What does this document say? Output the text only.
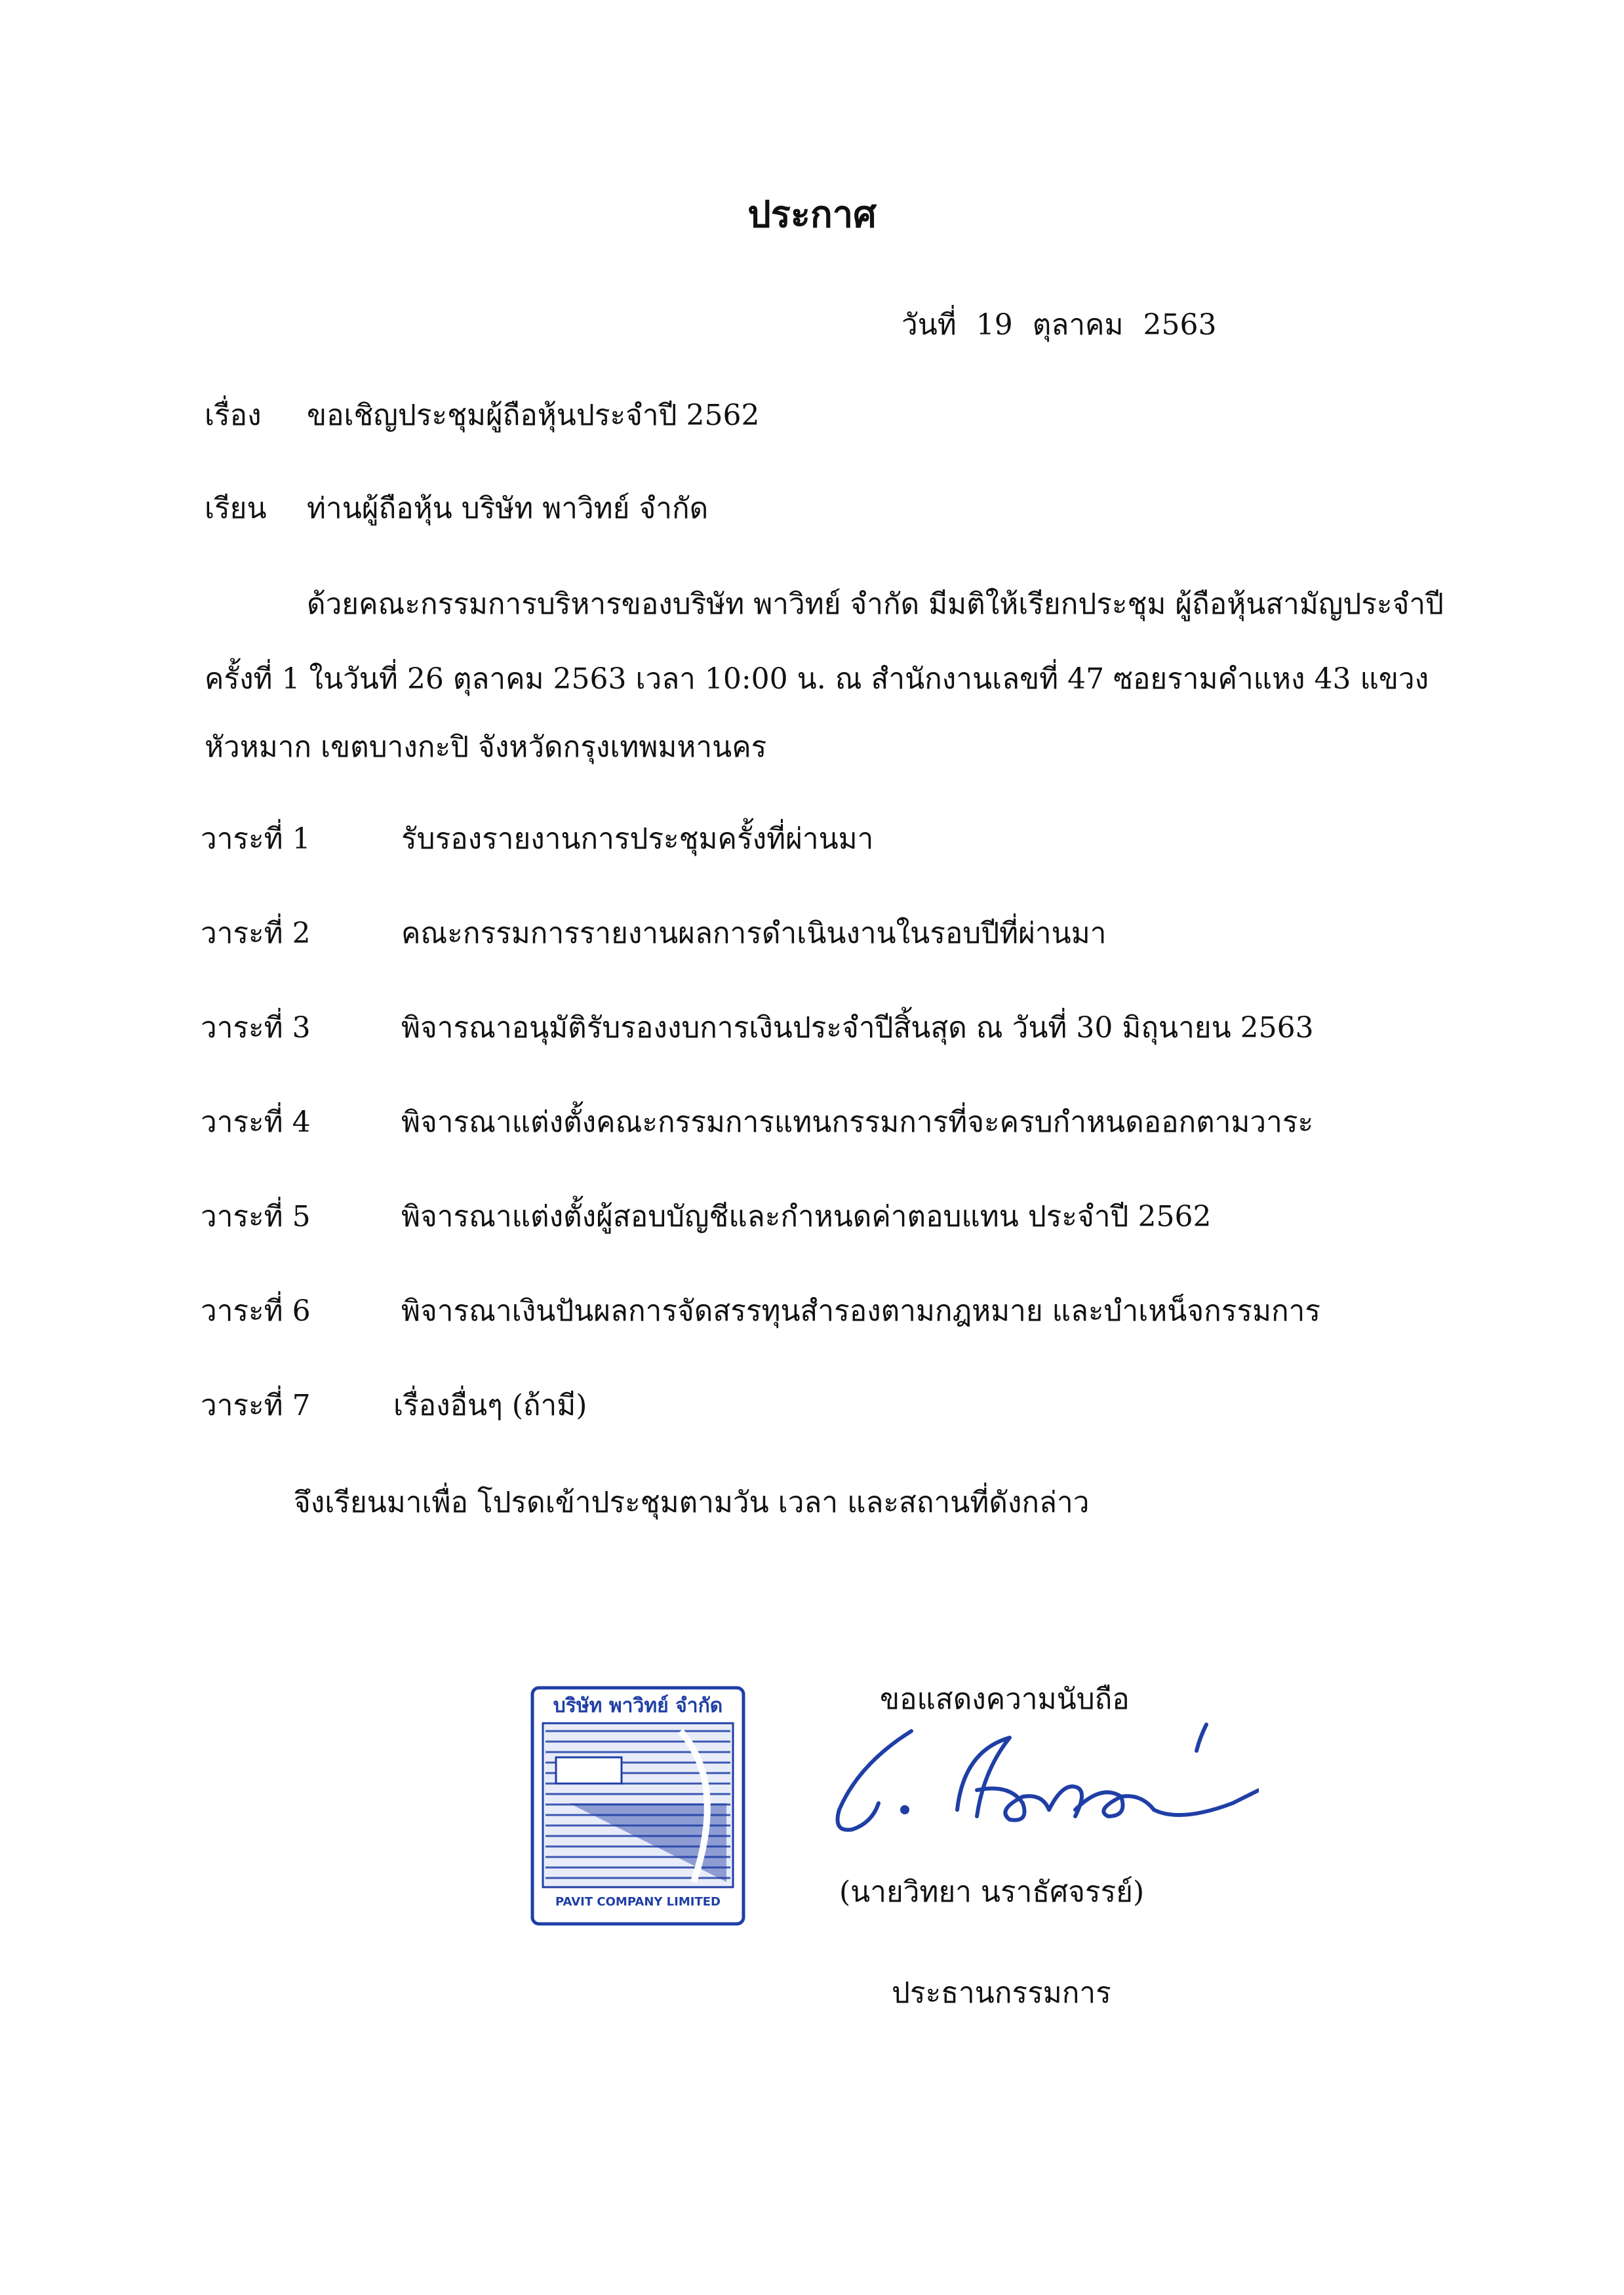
ประกาศ
วันที่ 19 ตุลาคม 2563
เรื่อง ขอเชิญประชุมผู้ถือหุ้นประจำปี 2562
เรียน ท่านผู้ถือหุ้น บริษัท พาวิทย์ จำกัด
ด้วยคณะกรรมการบริหารของบริษัท พาวิทย์ จำกัด มีมติให้เรียกประชุม ผู้ถือหุ้นสามัญประจำปี
ครั้งที่ 1 ในวันที่ 26 ตุลาคม 2563 เวลา 10:00 น. ณ สำนักงานเลขที่ 47 ซอยรามคำแหง 43 แขวง
หัวหมาก เขตบางกะปิ จังหวัดกรุงเทพมหานคร
วาระที่ 1	รับรองรายงานการประชุมครั้งที่ผ่านมา
วาระที่ 2	คณะกรรมการรายงานผลการดำเนินงานในรอบปีที่ผ่านมา
วาระที่ 3	พิจารณาอนุมัติรับรองงบการเงินประจำปีสิ้นสุด ณ วันที่ 30 มิถุนายน 2563
วาระที่ 4	พิจารณาแต่งตั้งคณะกรรมการแทนกรรมการที่จะครบกำหนดออกตามวาระ
วาระที่ 5	พิจารณาแต่งตั้งผู้สอบบัญชีและกำหนดค่าตอบแทน ประจำปี 2562
วาระที่ 6	พิจารณาเงินปันผลการจัดสรรทุนสำรองตามกฎหมาย และบำเหน็จกรรมการ
วาระที่ 7	เรื่องอื่นๆ (ถ้ามี)
จึงเรียนมาเพื่อ โปรดเข้าประชุมตามวัน เวลา และสถานที่ดังกล่าว
ขอแสดงความนับถือ
บริษัท พาวิทย์ จำกัด
PAVIT COMPANY LIMITED	(นายวิทยา นราธัศจรรย์)
ประธานกรรมการ
